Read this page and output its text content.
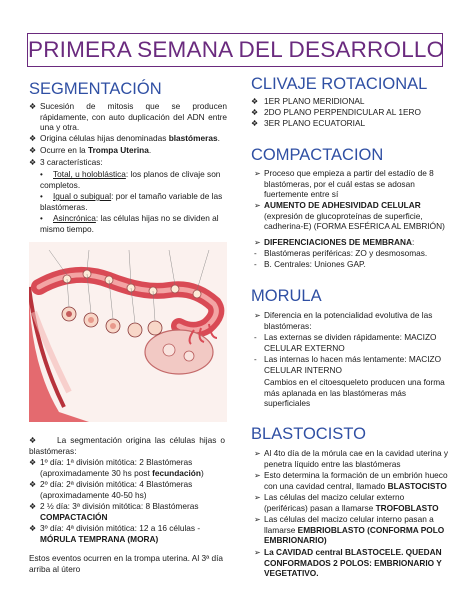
PRIMERA SEMANA DEL DESARROLLO
SEGMENTACIÓN
❖ Sucesión de mitosis que se producen rápidamente, con auto duplicación del ADN entre una y otra.
❖ Origina células hijas denominadas blastómeras.
❖ Ocurre en la Trompa Uterina.
❖ 3 características:
•	Total, u holoblástica: los planos de clivaje son completos.
•	Igual o subigual: por el tamaño variable de las blastómeras.
•	Asincrónica: las células hijas no se dividen al mismo tiempo.
❖	La segmentación origina las células hijas o blastómeras:
❖ 1º día: 1ª división mitótica: 2 Blastómeras (aproximadamente 30 hs post fecundación)
❖ 2º día: 2ª división mitótica: 4 Blastómeras (aproximadamente 40-50 hs)
❖ 2 ½ día: 3ª división mitótica: 8 Blastómeras COMPACTACIÓN
❖ 3º día: 4ª división mitótica: 12 a 16 células - MÓRULA TEMPRANA (MORA)
Estos eventos ocurren en la trompa uterina. Al 3ª día arriba al útero
CLIVAJE ROTACIONAL
❖ 1ER PLANO MERIDIONAL
❖ 2DO PLANO PERPENDICULAR AL 1ERO
❖ 3ER PLANO ECUATORIAL
COMPACTACION
➢ Proceso que empieza a partir del estadío de 8 blastómeras, por el cuál estas se adosan fuertemente entre sí
➢ AUMENTO DE ADHESIVIDAD CELULAR
(expresión de glucoproteínas de superficie, cadherina-E) (FORMA ESFÉRICA AL EMBRIÓN)
➢ DIFERENCIACIONES DE MEMBRANA:
- Blastómeras periféricas: ZO y desmosomas.
- B. Centrales: Uniones GAP.
MORULA
➢ Diferencia en la potencialidad evolutiva de las blastómeras:
- Las externas se dividen rápidamente: MACIZO CELULAR EXTERNO
- Las internas lo hacen más lentamente: MACIZO CELULAR INTERNO
Cambios en el citoesqueleto producen una forma más aplanada en las blastómeras más superficiales
BLASTOCISTO
➢ Al 4to día de la mórula cae en la cavidad uterina y penetra líquido entre las blastómeras
➢ Esto determina la formación de un embrión hueco con una cavidad central, llamado BLASTOCISTO
➢ Las células del macizo celular externo (periféricas) pasan a llamarse TROFOBLASTO
➢ Las células del macizo celular interno pasan a llamarse EMBRIOBLASTO (CONFORMA POLO EMBRIONARIO)
➢ La CAVIDAD central BLASTOCELE. QUEDAN CONFORMADOS 2 POLOS: EMBRIONARIO Y VEGETATIVO.
